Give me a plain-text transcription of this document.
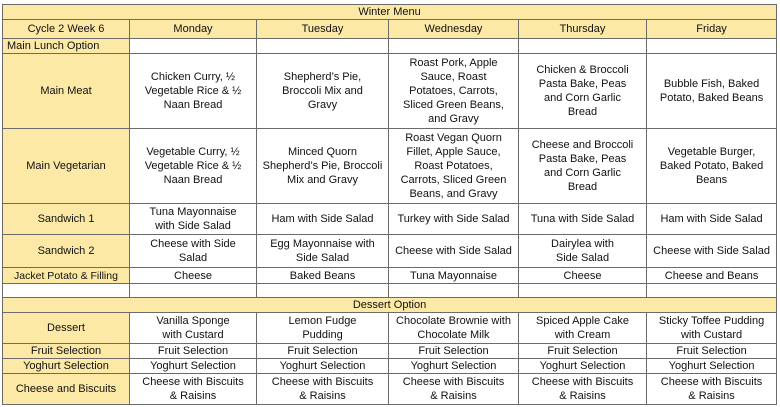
Winter Menu					
Cycle 2 Week 6	Monday	Tuesday	Wednesday	Thursday	Friday
Main Lunch Option					
Main Meat	Chicken Curry, ½ Vegetable Rice & ½ Naan Bread	Shepherd’s Pie, Broccoli Mix and Gravy	Roast Pork, Apple Sauce, Roast Potatoes, Carrots, Sliced Green Beans, and Gravy	Chicken & Broccoli Pasta Bake, Peas and Corn Garlic Bread	Bubble Fish, Baked Potato, Baked Beans
Main Vegetarian	Vegetable Curry, ½ Vegetable Rice & ½ Naan Bread	Minced Quorn Shepherd’s Pie, Broccoli Mix and Gravy	Roast Vegan Quorn Fillet, Apple Sauce, Roast Potatoes, Carrots, Sliced Green Beans, and Gravy	Cheese and Broccoli Pasta Bake, Peas and Corn Garlic Bread	Vegetable Burger, Baked Potato, Baked Beans
Sandwich 1	Tuna Mayonnaise with Side Salad	Ham with Side Salad	Turkey with Side Salad	Tuna with Side Salad	Ham with Side Salad
Sandwich 2	Cheese with Side Salad	Egg Mayonnaise with Side Salad	Cheese with Side Salad	Dairylea with Side Salad	Cheese with Side Salad
Jacket Potato & Filling	Cheese	Baked Beans	Tuna Mayonnaise	Cheese	Cheese and Beans

Dessert Option					
Dessert	Vanilla Sponge with Custard	Lemon Fudge Pudding	Chocolate Brownie with Chocolate Milk	Spiced Apple Cake with Cream	Sticky Toffee Pudding with Custard
Fruit Selection	Fruit Selection	Fruit Selection	Fruit Selection	Fruit Selection	Fruit Selection
Yoghurt Selection	Yoghurt Selection	Yoghurt Selection	Yoghurt Selection	Yoghurt Selection	Yoghurt Selection
Cheese and Biscuits	Cheese with Biscuits & Raisins	Cheese with Biscuits & Raisins	Cheese with Biscuits & Raisins	Cheese with Biscuits & Raisins	Cheese with Biscuits & Raisins
